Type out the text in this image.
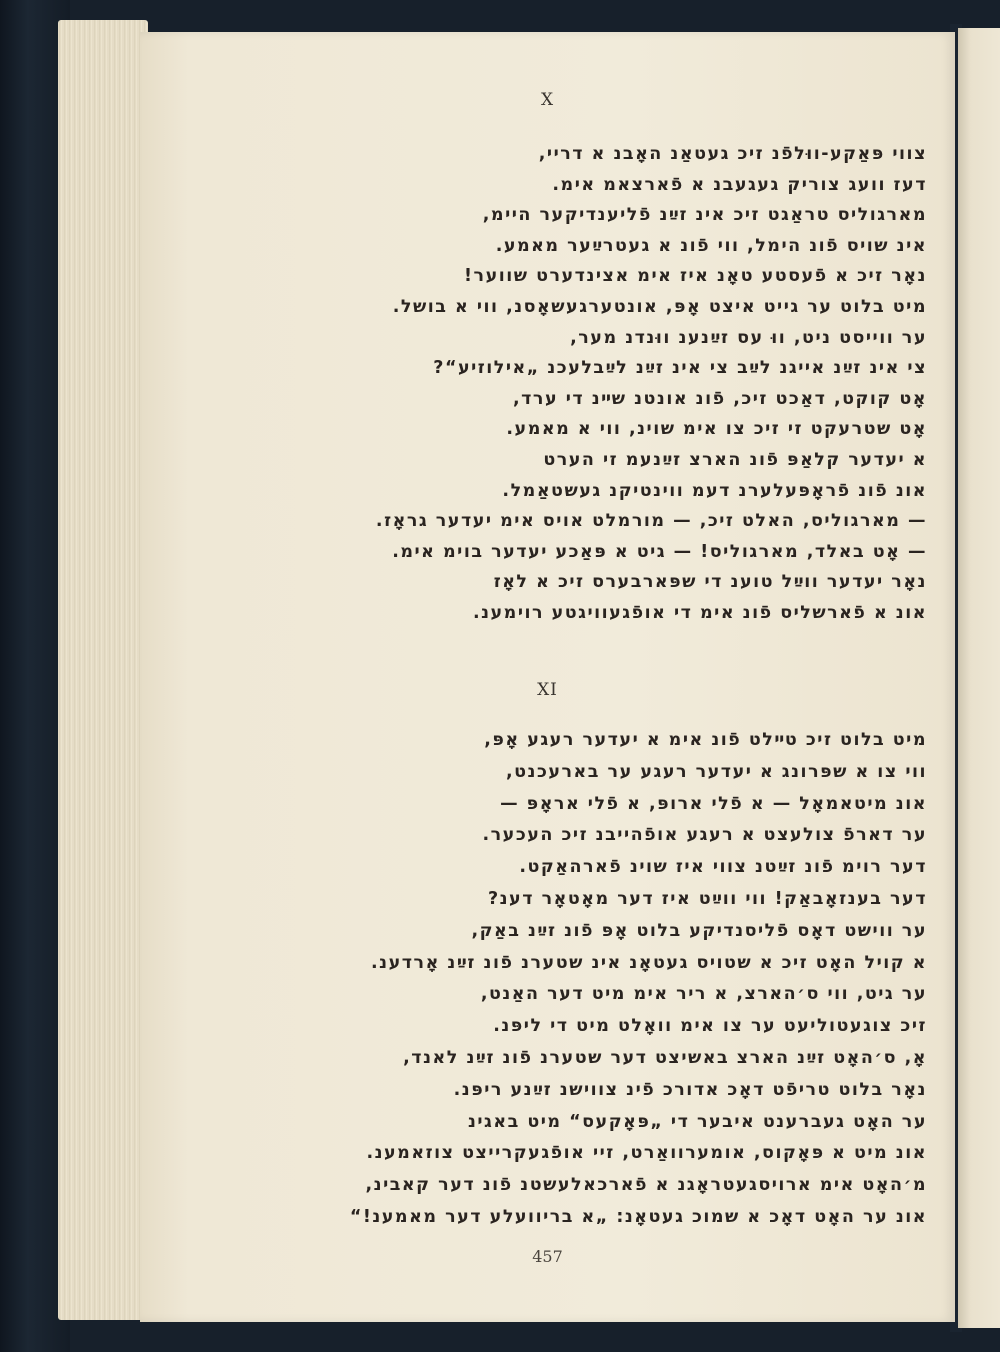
X
צווי פּאַקע-ווּלפֿנ זיכ געטאַנ האָבנ א דריי,
דעז וועג צוריק געגעבנ א פֿארצאמ אימ.
מארגוליס טראַגט זיכ אינ זײַנ פֿליענדיקער היימ,
אינ שויס פֿונ הימל, ווי פֿונ א געטרײַער מאמע.
נאָר זיכ א פֿעסטע טאָנ איז אימ אצינדערט שווער!
מיט בלוט ער גייט איצט אָפּ, אונטערגעשאָסנ, ווי א בושל.
ער ווייסט ניט, ווּ עס זײַנענ ווּנדנ מער,
צי אינ זײַנ אייגנ לײַב צי אינ זײַנ לײַבלעכנ „אילוזיע“?
אָט קוקט, דאַכט זיכ, פֿונ אונטנ שײנ די ערד,
אָט שטרעקט זי זיכ צו אימ שוינ, ווי א מאמע.
א יעדער קלאַפּ פֿונ הארצ זײַנעמ זי הערט
אונ פֿונ פֿראָפּעלערנ דעמ ווינטיקנ געשטאַמל.
— מארגוליס, האלט זיכ, — מורמלט אויס אימ יעדער גראָז.
— אָט באלד, מארגוליס! — גיט א פּאַכע יעדער בוימ אימ.
נאָר יעדער ווײַל טוענ די שפּארבערס זיכ א לאָז
אונ א פֿארשליס פֿונ אימ די אופֿגעוויגטע רוימענ.
XI
מיט בלוט זיכ טײלט פֿונ אימ א יעדער רעגע אָפּ,
ווי צו א שפּרונג א יעדער רעגע ער בארעכנט,
אונ מיטאמאָל — א פֿלי ארופּ, א פֿלי אראָפּ —
ער דארפֿ צולעצט א רעגע אופֿהייבנ זיכ העכער.
דער רוימ פֿונ זײַטנ צווי איז שוינ פֿארהאַקט.
דער בענזאָבאַק! ווי ווײַט איז דער מאָטאָר דענ?
ער ווישט דאָס פֿליסנדיקע בלוט אָפּ פֿונ זײַנ באַק,
א קויל האָט זיכ א שטויס געטאָנ אינ שטערנ פֿונ זײַנ אָרדענ.
ער גיט, ווי ס׳הארצ, א ריר אימ מיט דער האַנט,
זיכ צוגעטוליעט ער צו אימ וואָלט מיט די ליפּנ.
אָ, ס׳האָט זײַנ הארצ באשיצט דער שטערנ פֿונ זײַנ לאנד,
נאָר בלוט טריפֿט דאָכ אדורכ פֿינ צווישנ זײַנע ריפּנ.
ער האָט געברענט איבער די „פּאָקעס“ מיט באגינ
אונ מיט א פּאָקוס, אומערוואַרט, זיי אופֿגעקרייצט צוזאמענ.
מ׳האָט אימ ארויסגעטראָגנ א פֿארכאלעשטנ פֿונ דער קאבינ,
אונ ער האָט דאָכ א שמוכ געטאָנ: „א בריוועלע דער מאמענ!“
457
